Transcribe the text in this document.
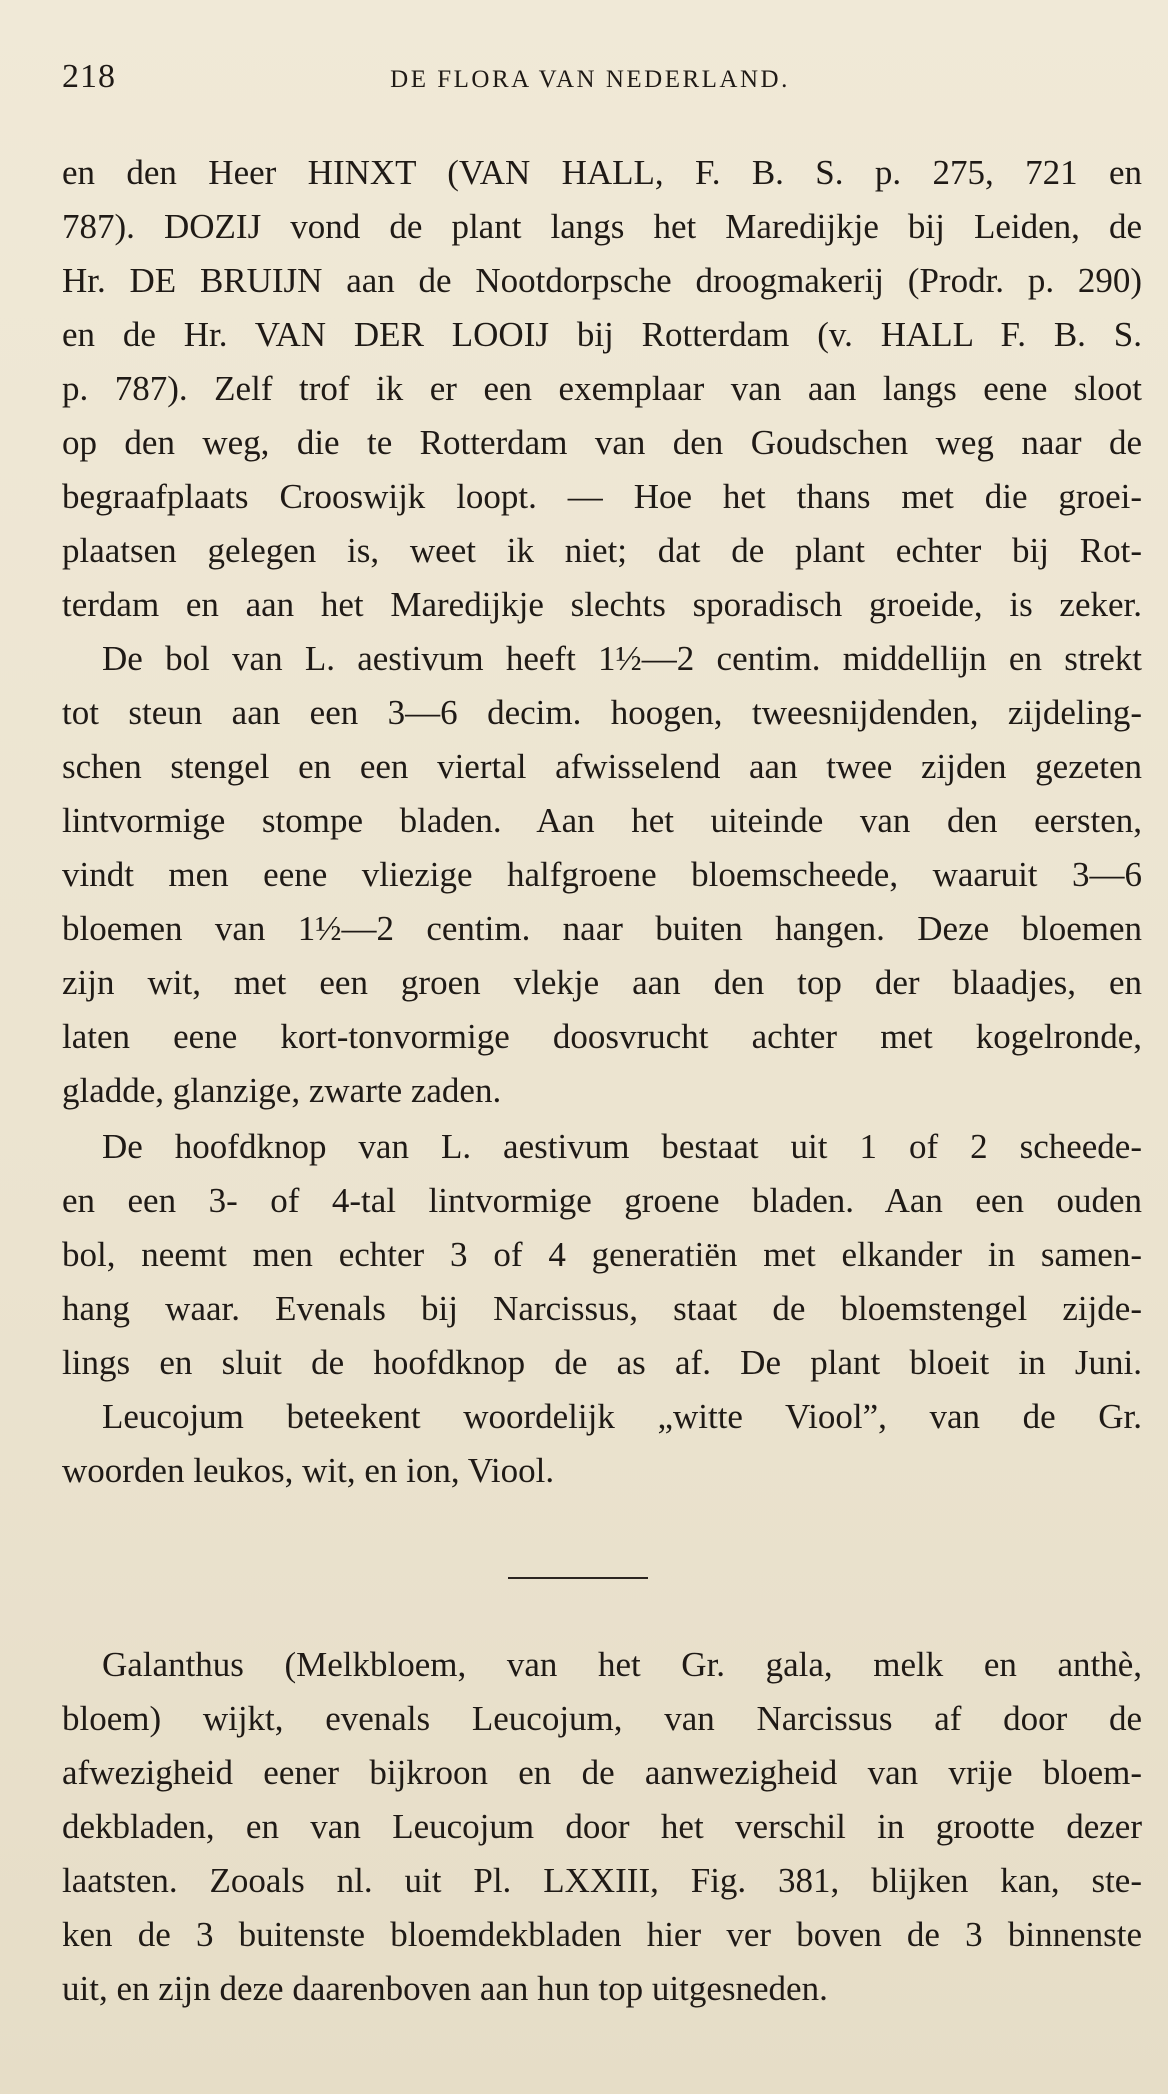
218	DE FLORA VAN NEDERLAND.
en den Heer HINXT (VAN HALL, F. B. S. p. 275, 721 en
787). DOZIJ vond de plant langs het Maredijkje bij Leiden, de
Hr. DE BRUIJN aan de Nootdorpsche droogmakerij (Prodr. p. 290)
en de Hr. VAN DER LOOIJ bij Rotterdam (v. HALL F. B. S.
p. 787). Zelf trof ik er een exemplaar van aan langs eene sloot
op den weg, die te Rotterdam van den Goudschen weg naar de
begraafplaats Crooswijk loopt. — Hoe het thans met die groei-
plaatsen gelegen is, weet ik niet; dat de plant echter bij Rot-
terdam en aan het Maredijkje slechts sporadisch groeide, is zeker.
De bol van L. aestivum heeft 1½—2 centim. middellijn en strekt
tot steun aan een 3—6 decim. hoogen, tweesnijdenden, zijdeling-
schen stengel en een viertal afwisselend aan twee zijden gezeten
lintvormige stompe bladen. Aan het uiteinde van den eersten,
vindt men eene vliezige halfgroene bloemscheede, waaruit 3—6
bloemen van 1½—2 centim. naar buiten hangen. Deze bloemen
zijn wit, met een groen vlekje aan den top der blaadjes, en
laten eene kort-tonvormige doosvrucht achter met kogelronde,
gladde, glanzige, zwarte zaden.
De hoofdknop van L. aestivum bestaat uit 1 of 2 scheede-
en een 3- of 4-tal lintvormige groene bladen. Aan een ouden
bol, neemt men echter 3 of 4 generatiën met elkander in samen-
hang waar. Evenals bij Narcissus, staat de bloemstengel zijde-
lings en sluit de hoofdknop de as af. De plant bloeit in Juni.
Leucojum beteekent woordelijk „witte Viool”, van de Gr.
woorden leukos, wit, en ion, Viool.
Galanthus (Melkbloem, van het Gr. gala, melk en anthè,
bloem) wijkt, evenals Leucojum, van Narcissus af door de
afwezigheid eener bijkroon en de aanwezigheid van vrije bloem-
dekbladen, en van Leucojum door het verschil in grootte dezer
laatsten. Zooals nl. uit Pl. LXXIII, Fig. 381, blijken kan, ste-
ken de 3 buitenste bloemdekbladen hier ver boven de 3 binnenste
uit, en zijn deze daarenboven aan hun top uitgesneden.
